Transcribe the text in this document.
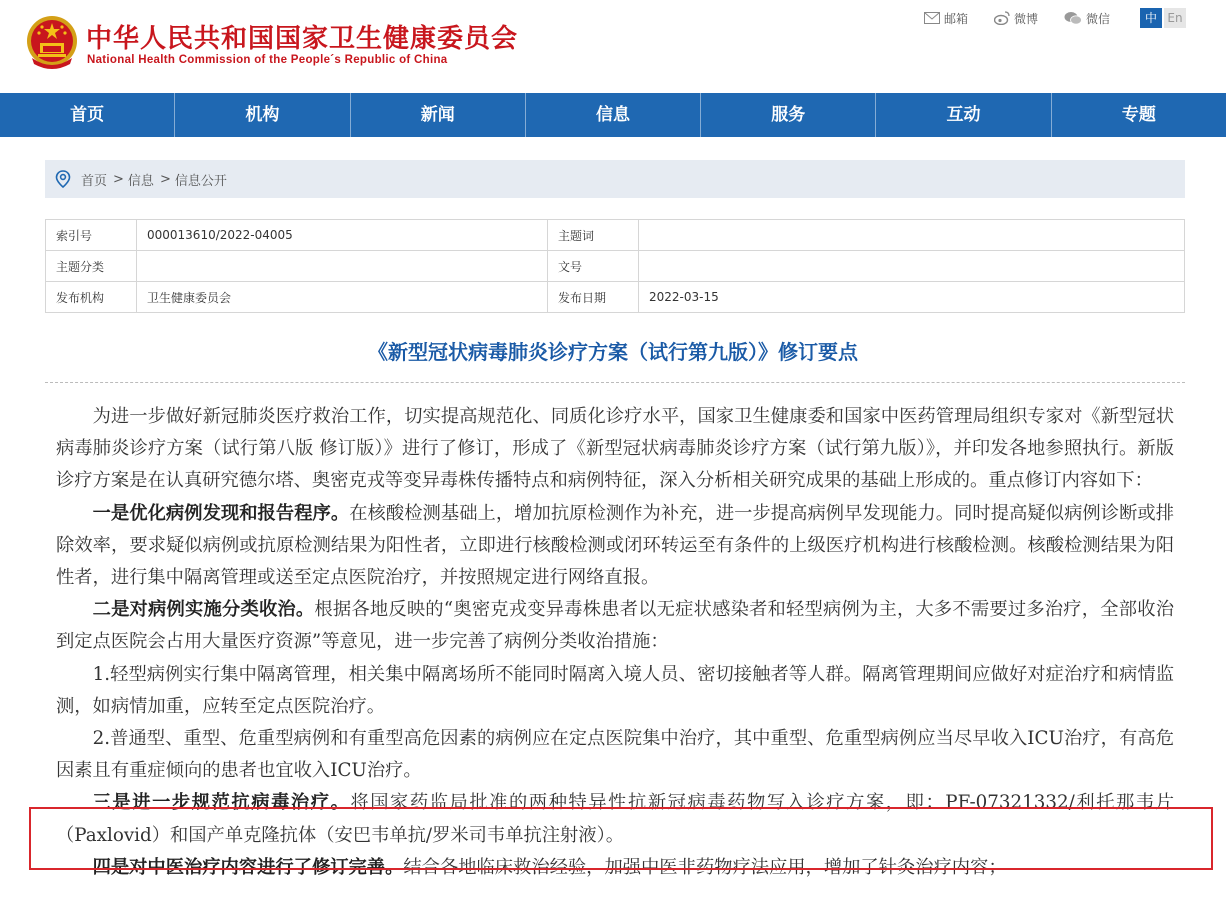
中华人民共和国国家卫生健康委员会
National Health Commission of the People´s Republic of China
邮箱	微博	微信	中 En
首页	机构	新闻	信息	服务	互动	专题
首页 > 信息 > 信息公开
索引号	000013610/2022-04005	主题词	
主题分类		文号	
发布机构	卫生健康委员会	发布日期	2022-03-15
《新型冠状病毒肺炎诊疗方案（试行第九版）》修订要点

为进一步做好新冠肺炎医疗救治工作，切实提高规范化、同质化诊疗水平，国家卫生健康委和国家中医药管理局组织专家对《新型冠状病毒肺炎诊疗方案（试行第八版 修订版）》进行了修订，形成了《新型冠状病毒肺炎诊疗方案（试行第九版）》，并印发各地参照执行。新版诊疗方案是在认真研究德尔塔、奥密克戎等变异毒株传播特点和病例特征，深入分析相关研究成果的基础上形成的。重点修订内容如下：

一是优化病例发现和报告程序。在核酸检测基础上，增加抗原检测作为补充，进一步提高病例早发现能力。同时提高疑似病例诊断或排除效率，要求疑似病例或抗原检测结果为阳性者，立即进行核酸检测或闭环转运至有条件的上级医疗机构进行核酸检测。核酸检测结果为阳性者，进行集中隔离管理或送至定点医院治疗，并按照规定进行网络直报。

二是对病例实施分类收治。根据各地反映的“奥密克戎变异毒株患者以无症状感染者和轻型病例为主，大多不需要过多治疗，全部收治到定点医院会占用大量医疗资源”等意见，进一步完善了病例分类收治措施：

1.轻型病例实行集中隔离管理，相关集中隔离场所不能同时隔离入境人员、密切接触者等人群。隔离管理期间应做好对症治疗和病情监测，如病情加重，应转至定点医院治疗。

2.普通型、重型、危重型病例和有重型高危因素的病例应在定点医院集中治疗，其中重型、危重型病例应当尽早收入ICU治疗，有高危因素且有重症倾向的患者也宜收入ICU治疗。

三是进一步规范抗病毒治疗。将国家药监局批准的两种特异性抗新冠病毒药物写入诊疗方案，即：PF-07321332/利托那韦片（Paxlovid）和国产单克隆抗体（安巴韦单抗/罗米司韦单抗注射液）。

四是对中医治疗内容进行了修订完善。结合各地临床救治经验，加强中医非药物疗法应用，增加了针灸治疗内容；
